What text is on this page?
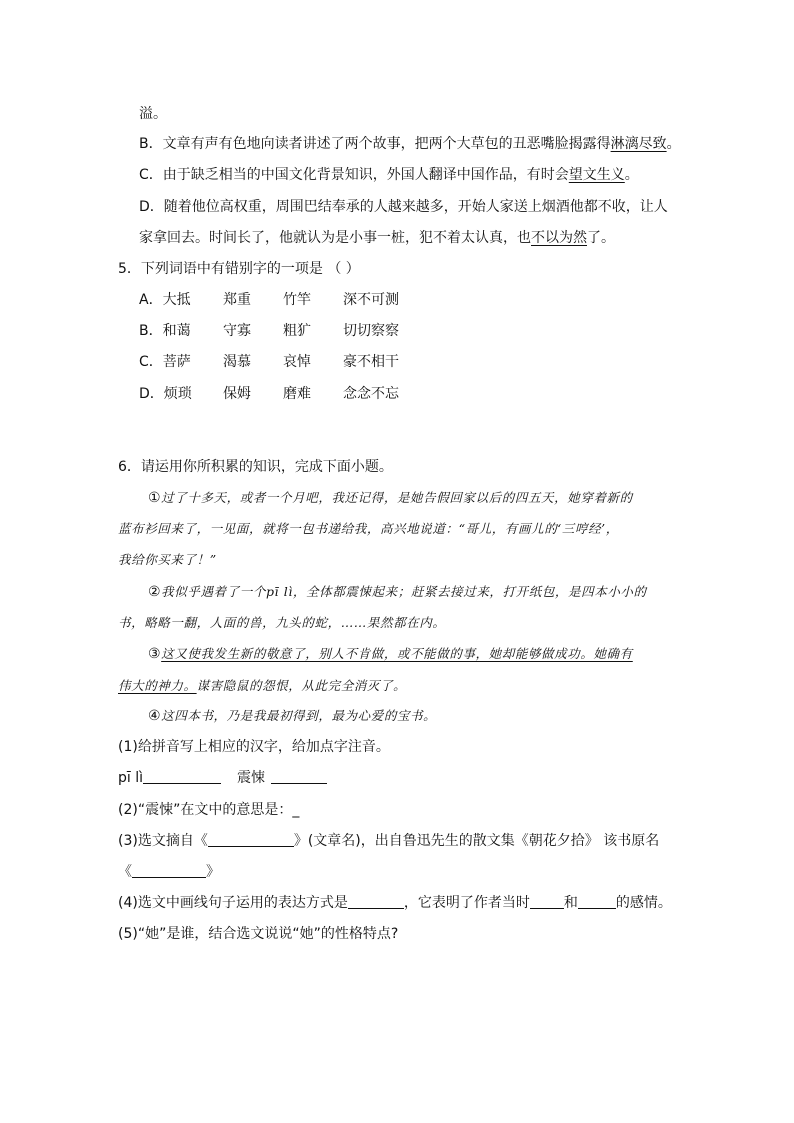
溢。
B．文章有声有色地向读者讲述了两个故事，把两个大草包的丑恶嘴脸揭露得淋漓尽致。
C．由于缺乏相当的中国文化背景知识，外国人翻译中国作品，有时会望文生义。
D．随着他位高权重，周围巴结奉承的人越来越多，开始人家送上烟酒他都不收，让人
家拿回去。时间长了，他就认为是小事一桩，犯不着太认真，也不以为然了。
5．下列词语中有错别字的一项是 （ ）
A．大抵 郑重 竹竿 深不可测
B．和蔼 守寡 粗犷 切切察察
C．菩萨 渴慕 哀悼 豪不相干
D．烦琐 保姆 磨难 念念不忘
6．请运用你所积累的知识，完成下面小题。
①过了十多天，或者一个月吧，我还记得，是她告假回家以后的四五天，她穿着新的
蓝布衫回来了，一见面，就将一包书递给我，高兴地说道：“哥儿，有画儿的‘三哼经’，
我给你买来了！”
②我似乎遇着了一个pī lì，全体都震悚起来；赶紧去接过来，打开纸包，是四本小小的
书，略略一翻，人面的兽，九头的蛇，……果然都在内。
③这又使我发生新的敬意了，别人不肯做，或不能做的事，她却能够做成功。她确有
伟大的神力。谋害隐鼠的怨恨，从此完全消灭了。
④这四本书，乃是我最初得到，最为心爱的宝书。
(1)给拼音写上相应的汉字，给加点字注音。
pī lì	震悚
(2)“震悚”在文中的意思是：_
(3)选文摘自《	》(文章名)，出自鲁迅先生的散文集《朝花夕拾》 该书原名
《	》
(4)选文中画线句子运用的表达方式是	，它表明了作者当时 和	的感情。
(5)“她”是谁，结合选文说说“她”的性格特点?
